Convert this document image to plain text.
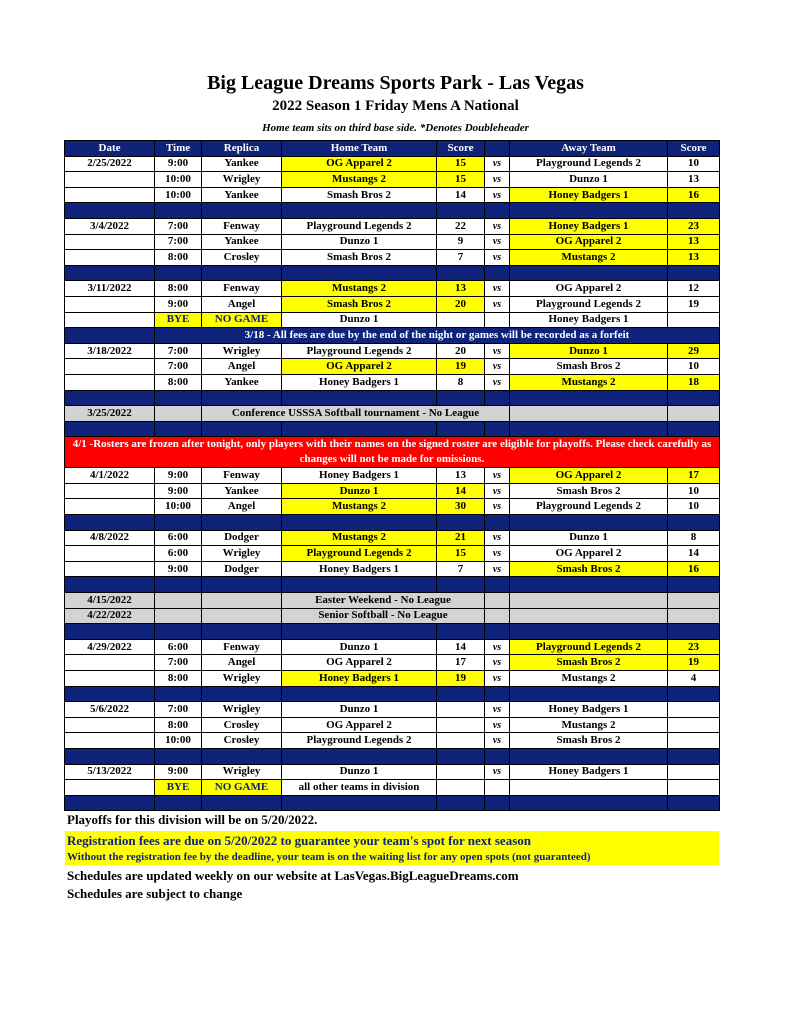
Big League Dreams Sports Park - Las Vegas
2022 Season 1 Friday Mens A National
Home team sits on third base side. *Denotes Doubleheader
Date	Time	Replica	Home Team	Score		Away Team	Score
2/25/2022	9:00	Yankee	OG Apparel 2	15	vs	Playground Legends 2	10
	10:00	Wrigley	Mustangs 2	15	vs	Dunzo 1	13
	10:00	Yankee	Smash Bros 2	14	vs	Honey Badgers 1	16

3/4/2022	7:00	Fenway	Playground Legends 2	22	vs	Honey Badgers 1	23
	7:00	Yankee	Dunzo 1	9	vs	OG Apparel 2	13
	8:00	Crosley	Smash Bros 2	7	vs	Mustangs 2	13

3/11/2022	8:00	Fenway	Mustangs 2	13	vs	OG Apparel 2	12
	9:00	Angel	Smash Bros 2	20	vs	Playground Legends 2	19
	BYE	NO GAME	Dunzo 1			Honey Badgers 1	
	3/18 - All fees are due by the end of the night or games will be recorded as a forfeit						
3/18/2022	7:00	Wrigley	Playground Legends 2	20	vs	Dunzo 1	29
	7:00	Angel	OG Apparel 2	19	vs	Smash Bros 2	10
	8:00	Yankee	Honey Badgers 1	8	vs	Mustangs 2	18

3/25/2022		Conference USSSA Softball tournament - No League					

4/1 -Rosters are frozen after tonight, only players with their names on the signed roster are eligible for playoffs. Please check carefully as changes will not be made for omissions.							
4/1/2022	9:00	Fenway	Honey Badgers 1	13	vs	OG Apparel 2	17
	9:00	Yankee	Dunzo 1	14	vs	Smash Bros 2	10
	10:00	Angel	Mustangs 2	30	vs	Playground Legends 2	10

4/8/2022	6:00	Dodger	Mustangs 2	21	vs	Dunzo 1	8
	6:00	Wrigley	Playground Legends 2	15	vs	OG Apparel 2	14
	9:00	Dodger	Honey Badgers 1	7	vs	Smash Bros 2	16

4/15/2022			Easter Weekend - No League				
4/22/2022			Senior Softball - No League				

4/29/2022	6:00	Fenway	Dunzo 1	14	vs	Playground Legends 2	23
	7:00	Angel	OG Apparel 2	17	vs	Smash Bros 2	19
	8:00	Wrigley	Honey Badgers 1	19	vs	Mustangs 2	4

5/6/2022	7:00	Wrigley	Dunzo 1		vs	Honey Badgers 1	
	8:00	Crosley	OG Apparel 2		vs	Mustangs 2	
	10:00	Crosley	Playground Legends 2		vs	Smash Bros 2	

5/13/2022	9:00	Wrigley	Dunzo 1		vs	Honey Badgers 1	
	BYE	NO GAME	all other teams in division				

Playoffs for this division will be on 5/20/2022.
Registration fees are due on 5/20/2022 to guarantee your team's spot for next season
Without the registration fee by the deadline, your team is on the waiting list for any open spots (not guaranteed)
Schedules are updated weekly on our website at LasVegas.BigLeagueDreams.com
Schedules are subject to change
